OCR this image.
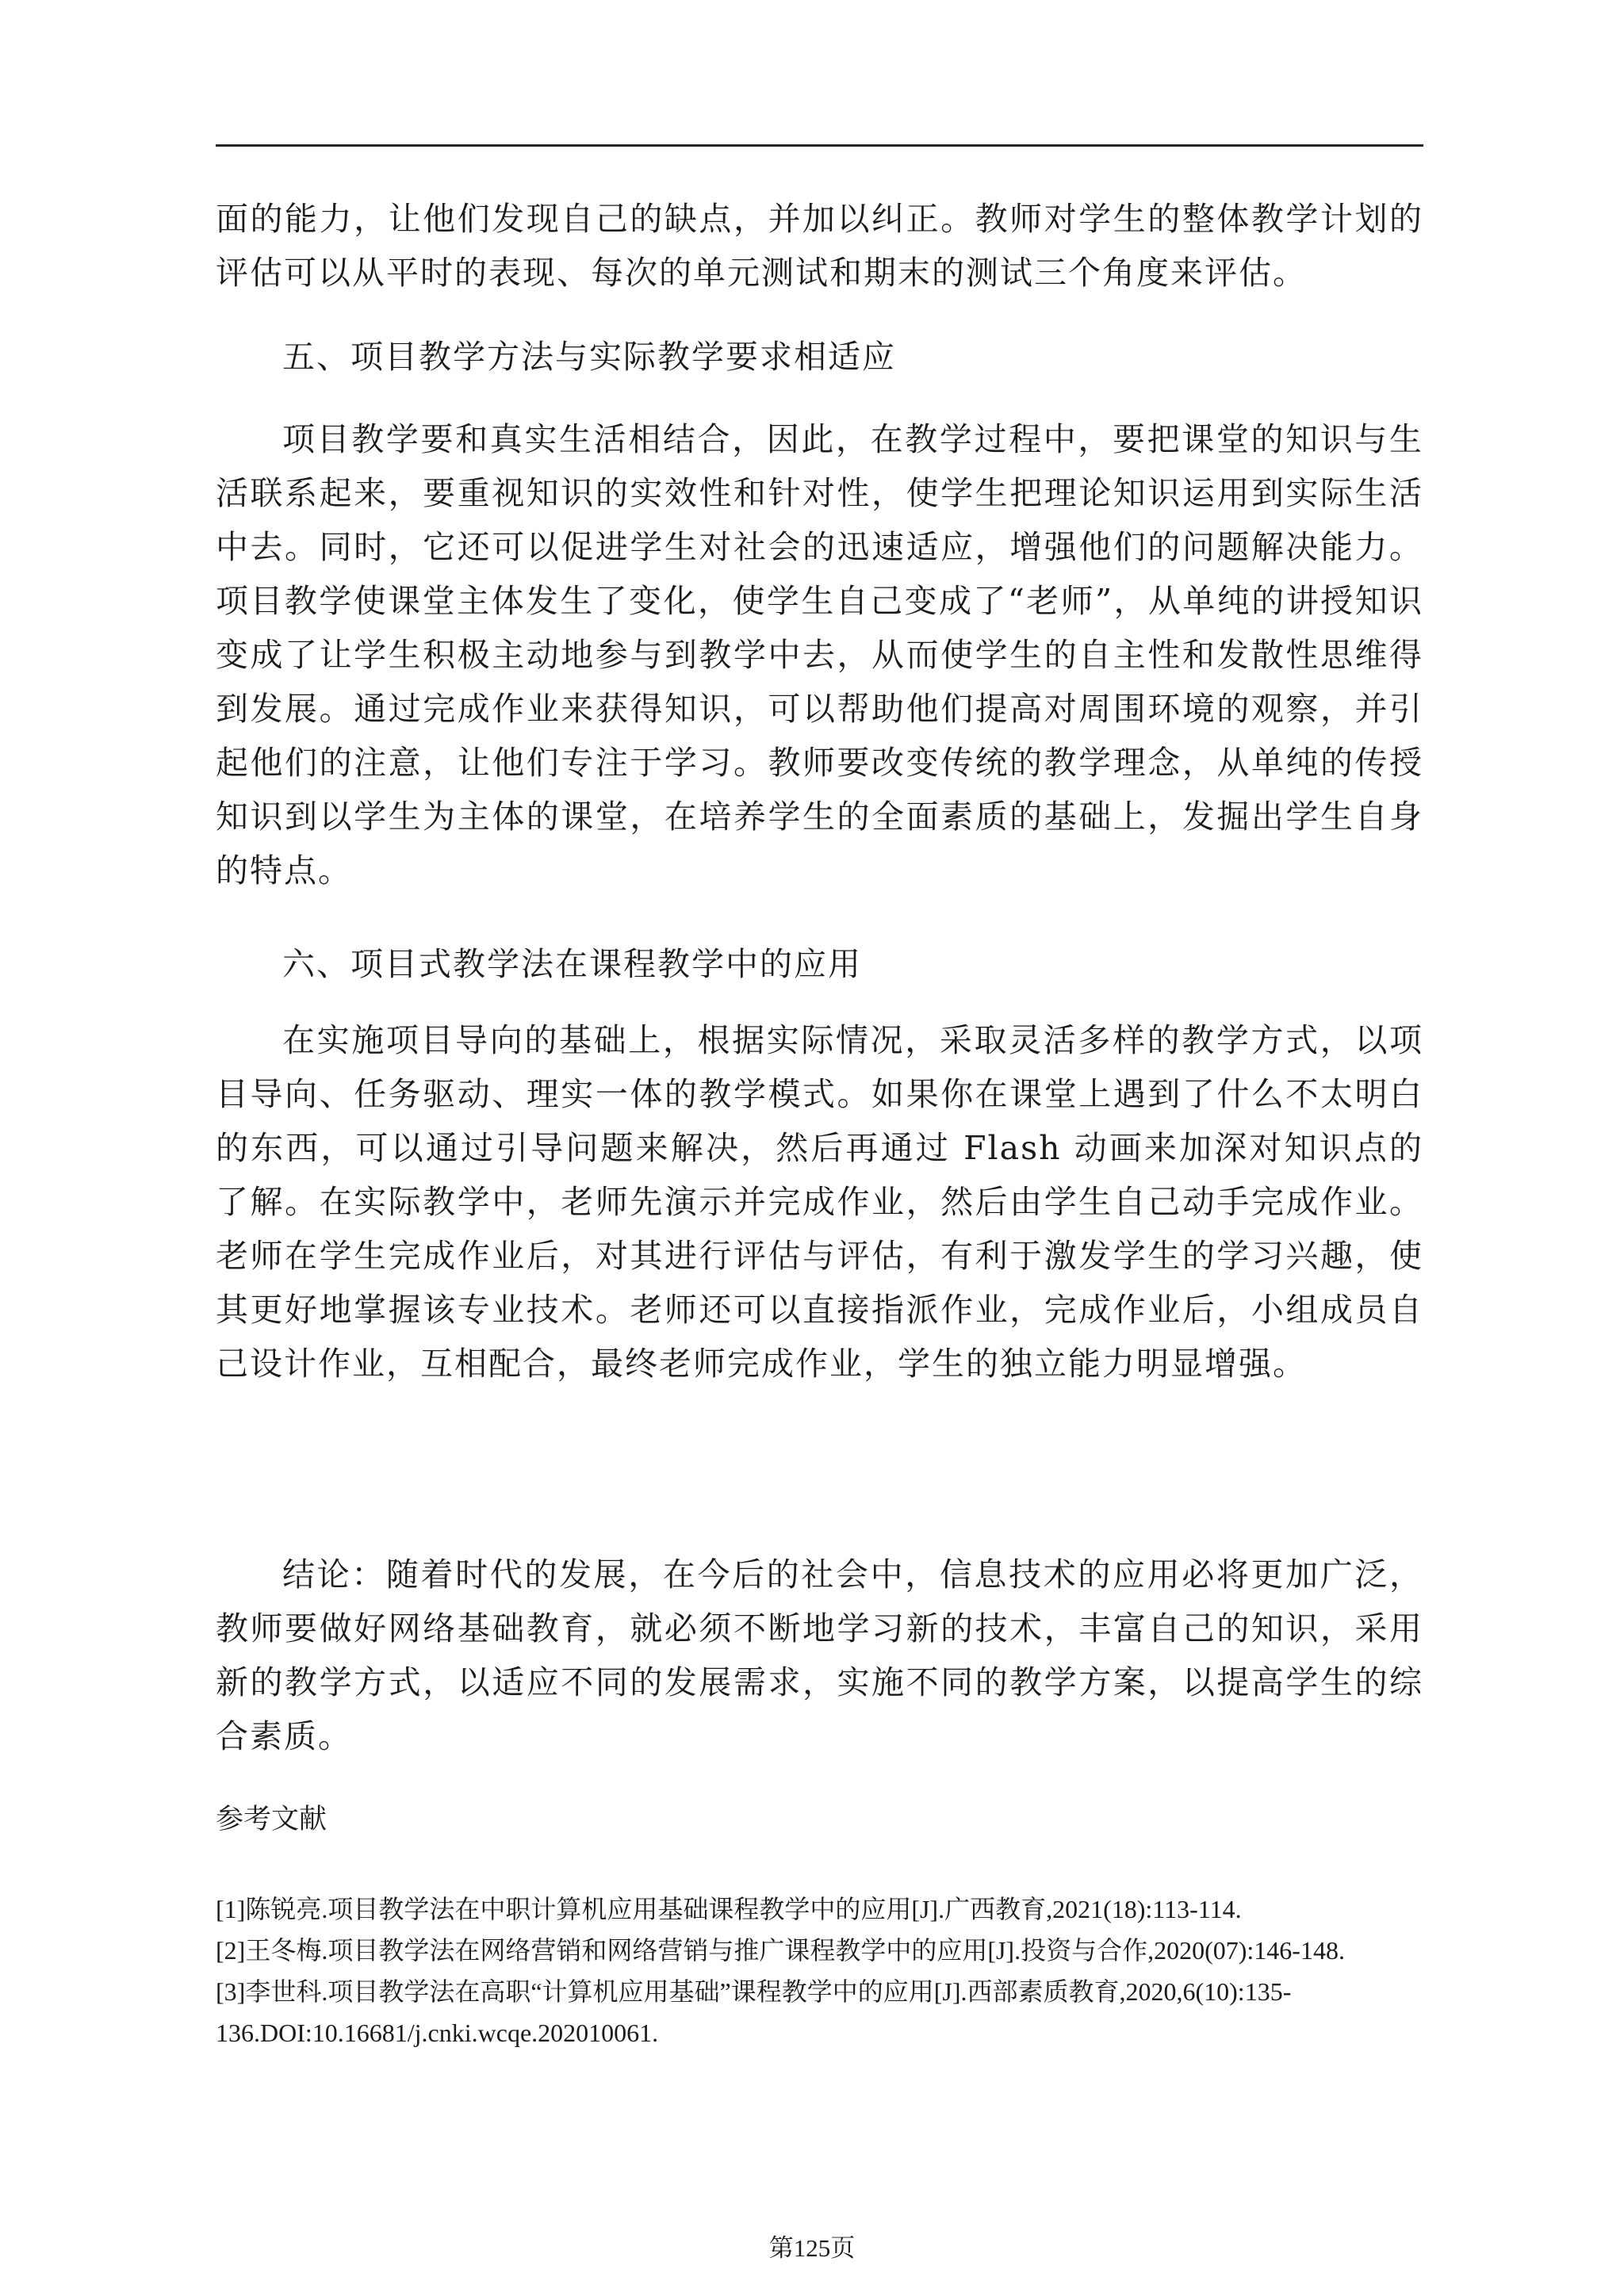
面的能力，让他们发现自己的缺点，并加以纠正。教师对学生的整体教学计划的评估可以从平时的表现、每次的单元测试和期末的测试三个角度来评估。

五、项目教学方法与实际教学要求相适应

项目教学要和真实生活相结合，因此，在教学过程中，要把课堂的知识与生活联系起来，要重视知识的实效性和针对性，使学生把理论知识运用到实际生活中去。同时，它还可以促进学生对社会的迅速适应，增强他们的问题解决能力。项目教学使课堂主体发生了变化，使学生自己变成了“老师”，从单纯的讲授知识变成了让学生积极主动地参与到教学中去，从而使学生的自主性和发散性思维得到发展。通过完成作业来获得知识，可以帮助他们提高对周围环境的观察，并引起他们的注意，让他们专注于学习。教师要改变传统的教学理念，从单纯的传授知识到以学生为主体的课堂，在培养学生的全面素质的基础上，发掘出学生自身的特点。

六、项目式教学法在课程教学中的应用

在实施项目导向的基础上，根据实际情况，采取灵活多样的教学方式，以项目导向、任务驱动、理实一体的教学模式。如果你在课堂上遇到了什么不太明白的东西，可以通过引导问题来解决，然后再通过 Flash 动画来加深对知识点的了解。在实际教学中，老师先演示并完成作业，然后由学生自己动手完成作业。老师在学生完成作业后，对其进行评估与评估，有利于激发学生的学习兴趣，使其更好地掌握该专业技术。老师还可以直接指派作业，完成作业后，小组成员自己设计作业，互相配合，最终老师完成作业，学生的独立能力明显增强。

结论：随着时代的发展，在今后的社会中，信息技术的应用必将更加广泛，教师要做好网络基础教育，就必须不断地学习新的技术，丰富自己的知识，采用新的教学方式，以适应不同的发展需求，实施不同的教学方案，以提高学生的综合素质。

参考文献

[1]陈锐亮.项目教学法在中职计算机应用基础课程教学中的应用[J].广西教育,2021(18):113-114.
[2]王冬梅.项目教学法在网络营销和网络营销与推广课程教学中的应用[J].投资与合作,2020(07):146-148.
[3]李世科.项目教学法在高职“计算机应用基础”课程教学中的应用[J].西部素质教育,2020,6(10):135-136.DOI:10.16681/j.cnki.wcqe.202010061.
第125页
